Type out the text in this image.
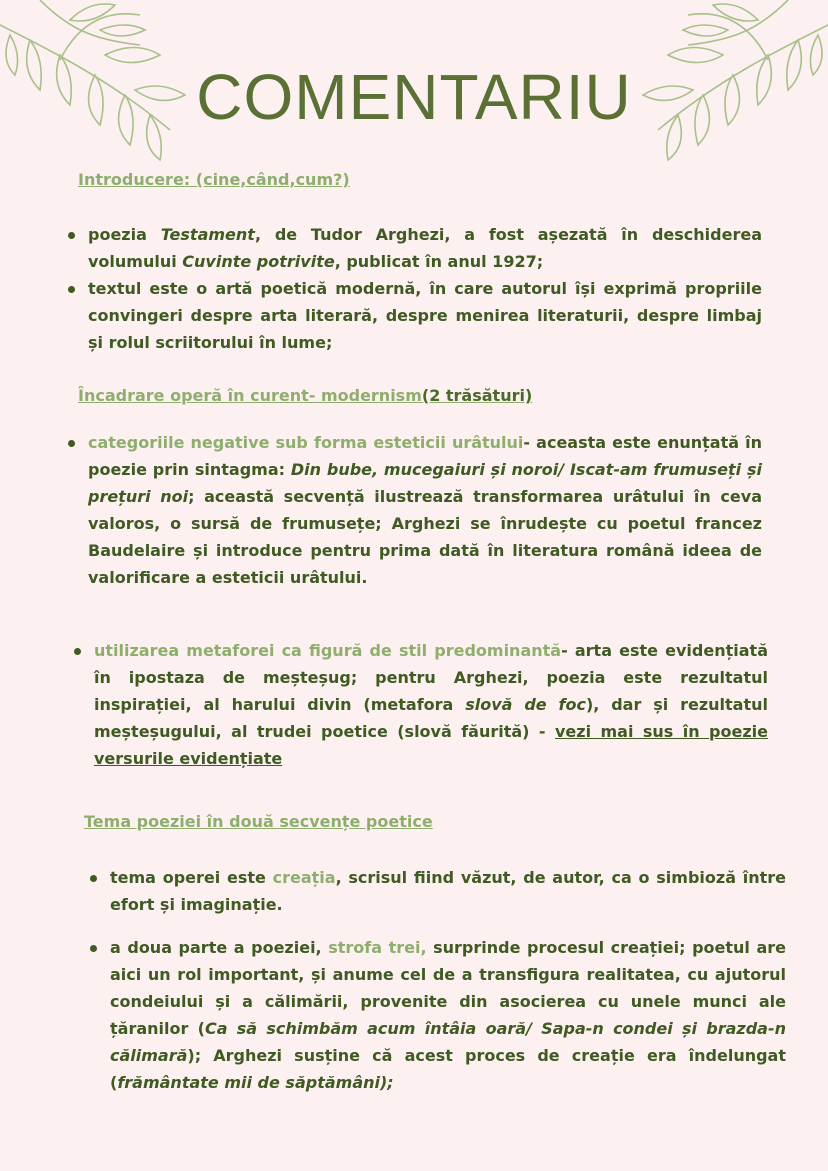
COMENTARIU
Introducere: (cine,când,cum?)
poezia Testament, de Tudor Arghezi, a fost așezată în deschiderea volumului Cuvinte potrivite, publicat în anul 1927;
textul este o artă poetică modernă, în care autorul își exprimă propriile convingeri despre arta literară, despre menirea literaturii, despre limbaj și rolul scriitorului în lume;
Încadrare operă în curent- modernism(2 trăsături)
categoriile negative sub forma esteticii urâtului- aceasta este enunțată în poezie prin sintagma: Din bube, mucegaiuri și noroi/ Iscat-am frumuseți și prețuri noi; această secvență ilustrează transformarea urâtului în ceva valoros, o sursă de frumusețe; Arghezi se înrudește cu poetul francez Baudelaire și introduce pentru prima dată în literatura română ideea de valorificare a esteticii urâtului.
utilizarea metaforei ca figură de stil predominantă- arta este evidențiată în ipostaza de meșteșug; pentru Arghezi, poezia este rezultatul inspirației, al harului divin (metafora slovă de foc), dar și rezultatul meșteșugului, al trudei poetice (slovă făurită) - vezi mai sus în poezie versurile evidențiate
Tema poeziei în două secvențe poetice
tema operei este creația, scrisul fiind văzut, de autor, ca o simbioză între efort și imaginație.
a doua parte a poeziei, strofa trei, surprinde procesul creației; poetul are aici un rol important, și anume cel de a transfigura realitatea, cu ajutorul condeiului și a călimării, provenite din asocierea cu unele munci ale țăranilor (Ca să schimbăm acum întâia oară/ Sapa-n condei și brazda-n călimară); Arghezi susține că acest proces de creație era îndelungat (frământate mii de săptămâni);
